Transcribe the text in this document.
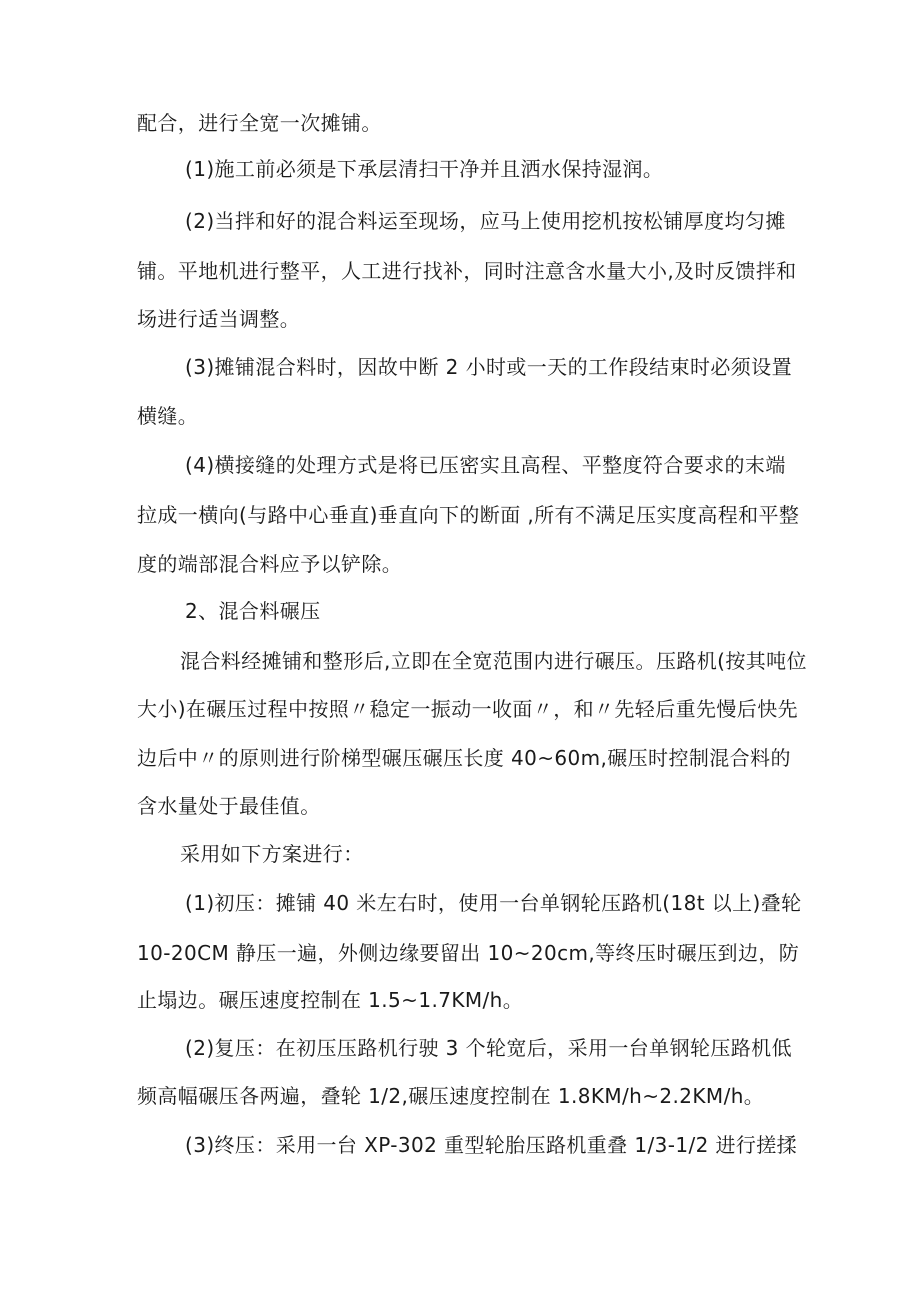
配合，进行全宽一次摊铺。
(1)施工前必须是下承层清扫干净并且洒水保持湿润。
(2)当拌和好的混合料运至现场，应马上使用挖机按松铺厚度均匀摊
铺。平地机进行整平，人工进行找补，同时注意含水量大小,及时反馈拌和
场进行适当调整。
(3)摊铺混合料时，因故中断 2 小时或一天的工作段结束时必须设置
横缝。
(4)横接缝的处理方式是将已压密实且高程、平整度符合要求的末端
拉成一横向(与路中心垂直)垂直向下的断面 ,所有不满足压实度高程和平整
度的端部混合料应予以铲除。
2、混合料碾压
混合料经摊铺和整形后,立即在全宽范围内进行碾压。压路机(按其吨位
大小)在碾压过程中按照〃稳定一振动一收面〃，和〃先轻后重先慢后快先
边后中〃的原则进行阶梯型碾压碾压长度 40~60m,碾压时控制混合料的
含水量处于最佳值。
采用如下方案进行：
(1)初压：摊铺 40 米左右时，使用一台单钢轮压路机(18t 以上)叠轮
10-20CM 静压一遍，外侧边缘要留出 10~20cm,等终压时碾压到边，防
止塌边。碾压速度控制在 1.5~1.7KM/h。
(2)复压：在初压压路机行驶 3 个轮宽后，采用一台单钢轮压路机低
频高幅碾压各两遍，叠轮 1/2,碾压速度控制在 1.8KM/h~2.2KM/h。
(3)终压：采用一台 XP-302 重型轮胎压路机重叠 1/3-1/2 进行搓揉
